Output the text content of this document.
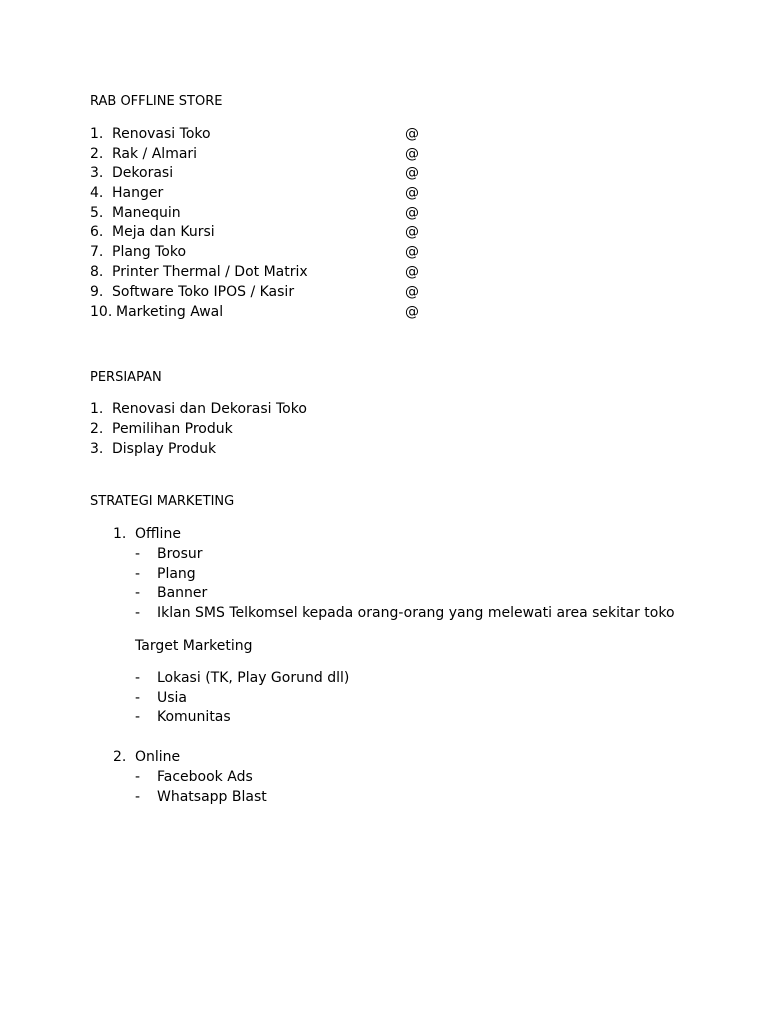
RAB OFFLINE STORE
1. Renovasi Toko	@
2. Rak / Almari	@
3. Dekorasi	@
4. Hanger	@
5. Manequin	@
6. Meja dan Kursi	@
7. Plang Toko	@
8. Printer Thermal / Dot Matrix	@
9. Software Toko IPOS / Kasir	@
10. Marketing Awal	@
PERSIAPAN
1. Renovasi dan Dekorasi Toko
2. Pemilihan Produk
3. Display Produk
STRATEGI MARKETING
1. Offline
- Brosur
- Plang
- Banner
- Iklan SMS Telkomsel kepada orang-orang yang melewati area sekitar toko
Target Marketing
- Lokasi (TK, Play Gorund dll)
- Usia
- Komunitas
2. Online
- Facebook Ads
- Whatsapp Blast
